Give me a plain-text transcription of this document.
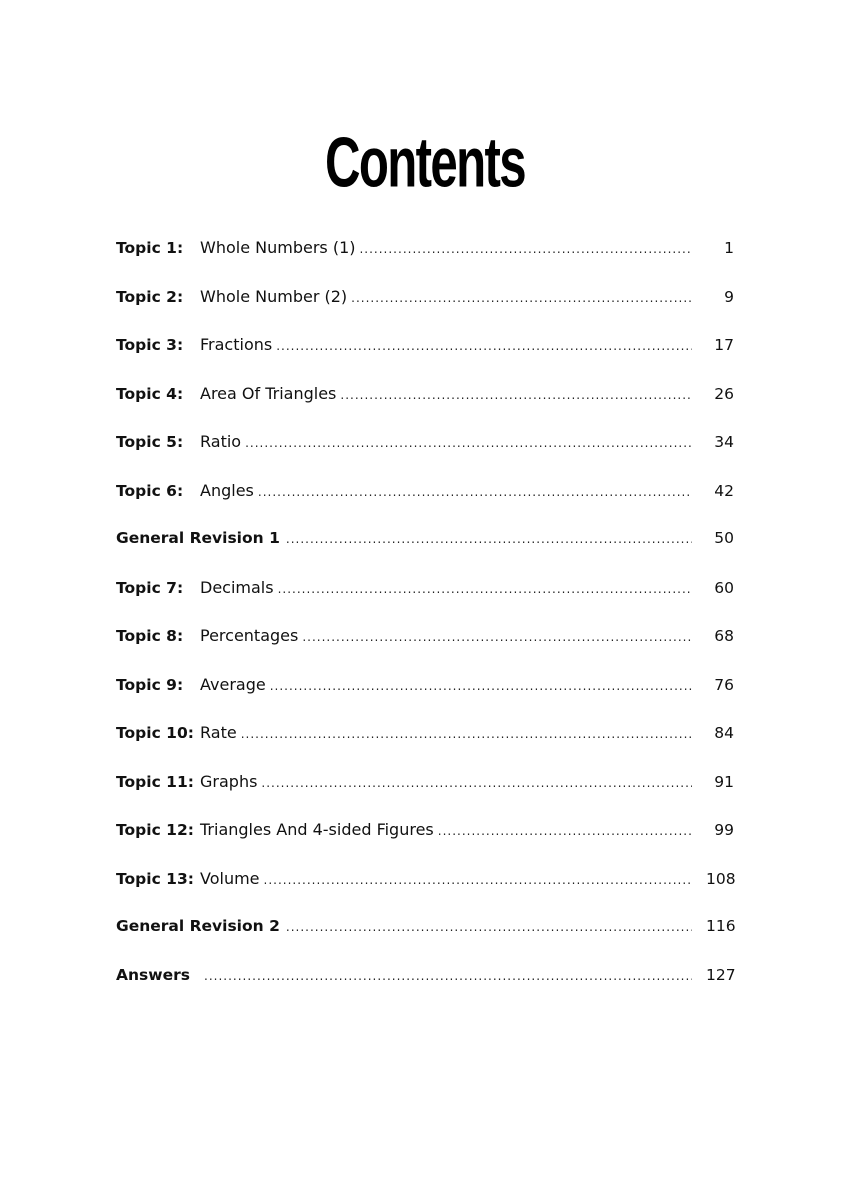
Contents
Topic 1:	Whole Numbers (1) .....	1
Topic 2:	Whole Number (2) .....	9
Topic 3:	Fractions .....	17
Topic 4:	Area Of Triangles .....	26
Topic 5:	Ratio .....	34
Topic 6:	Angles .....	42
General Revision 1 .....	50
Topic 7:	Decimals .....	60
Topic 8:	Percentages .....	68
Topic 9:	Average .....	76
Topic 10: Rate .....	84
Topic 11: Graphs .....	91
Topic 12: Triangles And 4-sided Figures .....	99
Topic 13: Volume .....	108
General Revision 2 .....	116
Answers .....	127
